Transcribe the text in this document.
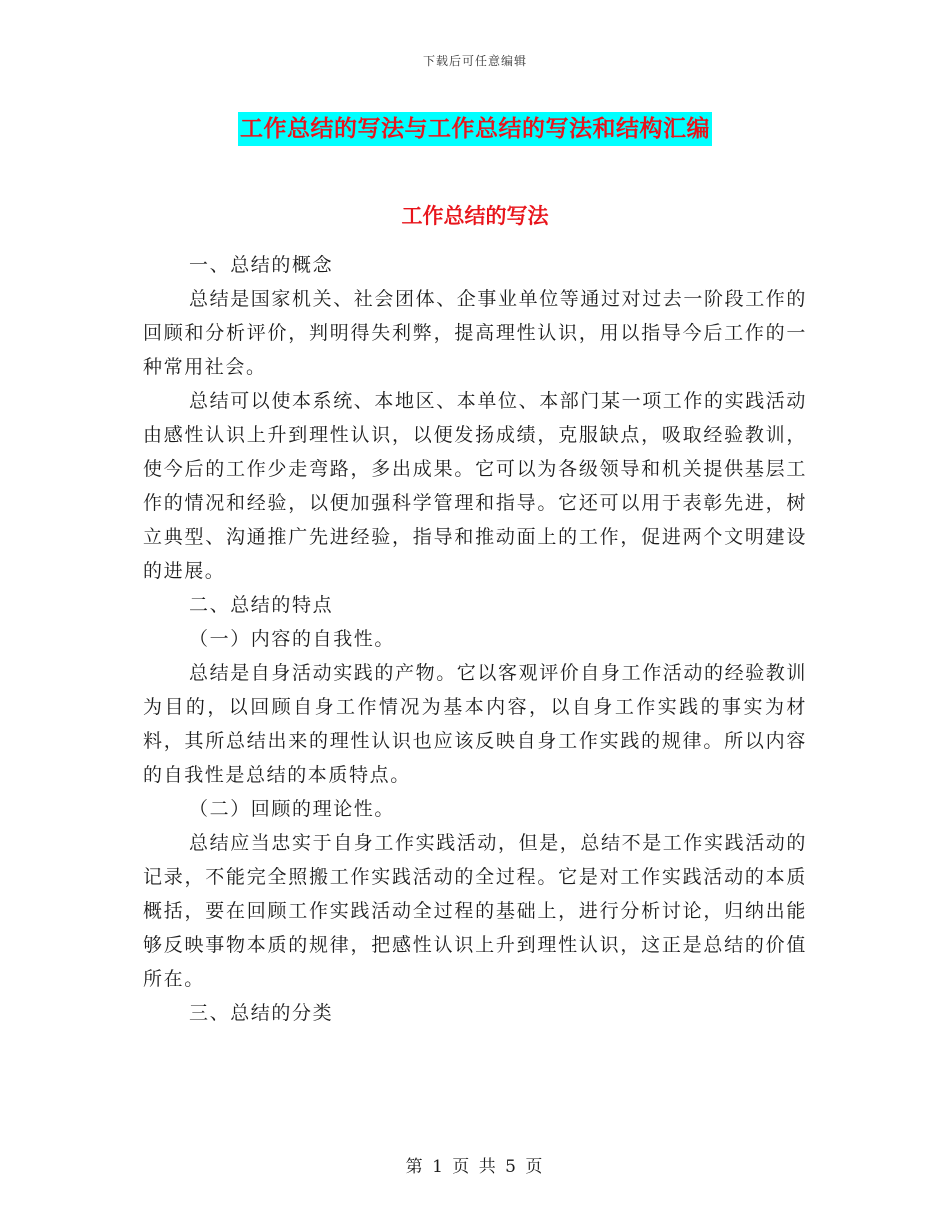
下载后可任意编辑
工作总结的写法与工作总结的写法和结构汇编
工作总结的写法

一、总结的概念

总结是国家机关、社会团体、企事业单位等通过对过去一阶段工作的回顾和分析评价，判明得失利弊，提高理性认识，用以指导今后工作的一种常用社会。

总结可以使本系统、本地区、本单位、本部门某一项工作的实践活动由感性认识上升到理性认识，以便发扬成绩，克服缺点，吸取经验教训，使今后的工作少走弯路，多出成果。它可以为各级领导和机关提供基层工作的情况和经验，以便加强科学管理和指导。它还可以用于表彰先进，树立典型、沟通推广先进经验，指导和推动面上的工作，促进两个文明建设的进展。

二、总结的特点

（一）内容的自我性。

总结是自身活动实践的产物。它以客观评价自身工作活动的经验教训为目的，以回顾自身工作情况为基本内容，以自身工作实践的事实为材料，其所总结出来的理性认识也应该反映自身工作实践的规律。所以内容的自我性是总结的本质特点。

（二）回顾的理论性。

总结应当忠实于自身工作实践活动，但是，总结不是工作实践活动的记录，不能完全照搬工作实践活动的全过程。它是对工作实践活动的本质概括，要在回顾工作实践活动全过程的基础上，进行分析讨论，归纳出能够反映事物本质的规律，把感性认识上升到理性认识，这正是总结的价值所在。

三、总结的分类

第 1 页 共 5 页
